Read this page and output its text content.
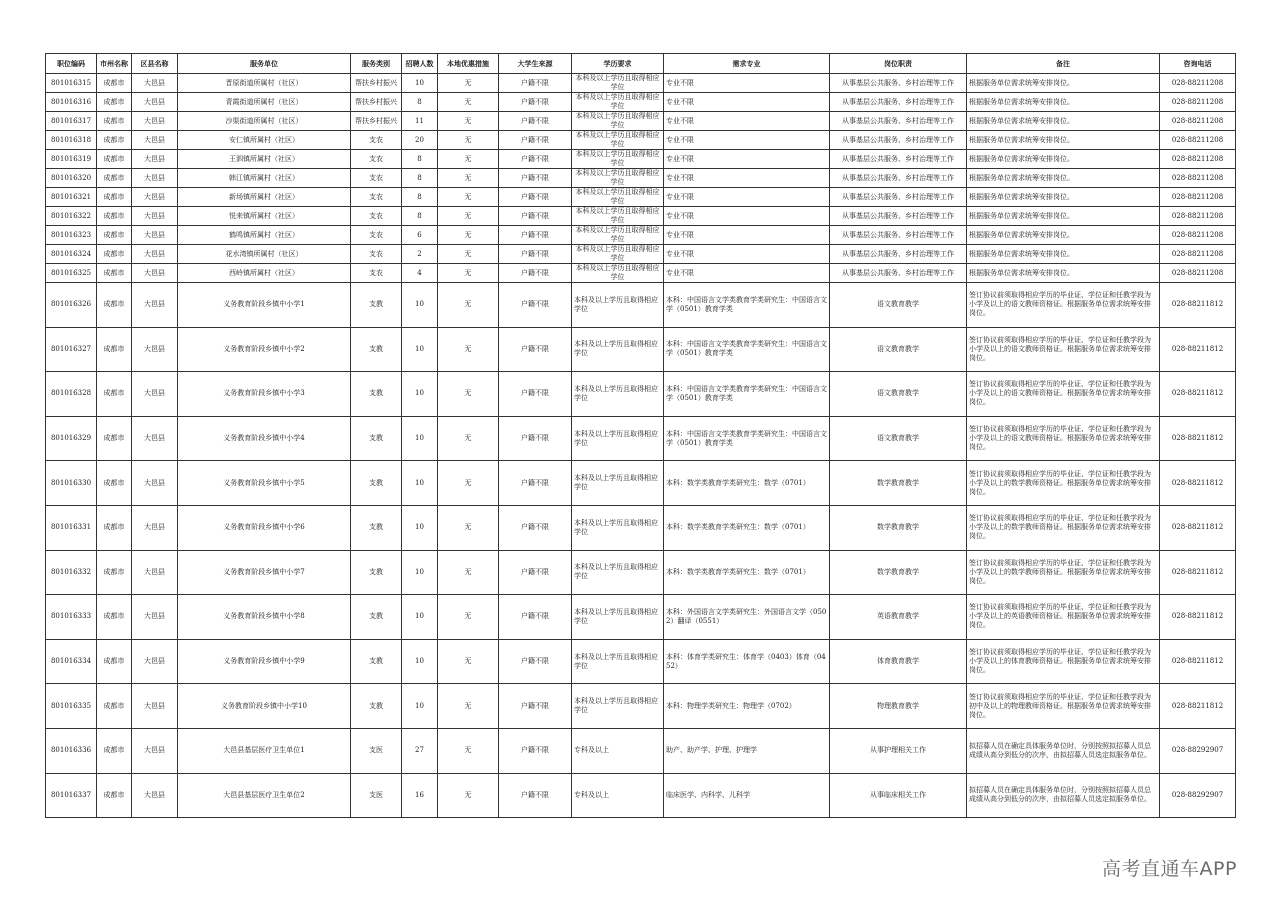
职位编码	市州名称	区县名称	服务单位	服务类别	招聘人数	本地优惠措施	大学生来源	学历要求	需求专业	岗位职责	备注	咨询电话
801016315	成都市	大邑县	晋原街道所属村（社区）	帮扶乡村振兴	10	无	户籍不限	本科及以上学历且取得相应学位	专业不限	从事基层公共服务、乡村治理等工作	根据服务单位需求统筹安排岗位。	028-88211208
801016316	成都市	大邑县	青霞街道所属村（社区）	帮扶乡村振兴	8	无	户籍不限	本科及以上学历且取得相应学位	专业不限	从事基层公共服务、乡村治理等工作	根据服务单位需求统筹安排岗位。	028-88211208
801016317	成都市	大邑县	沙渠街道所属村（社区）	帮扶乡村振兴	11	无	户籍不限	本科及以上学历且取得相应学位	专业不限	从事基层公共服务、乡村治理等工作	根据服务单位需求统筹安排岗位。	028-88211208
801016318	成都市	大邑县	安仁镇所属村（社区）	支农	20	无	户籍不限	本科及以上学历且取得相应学位	专业不限	从事基层公共服务、乡村治理等工作	根据服务单位需求统筹安排岗位。	028-88211208
801016319	成都市	大邑县	王泗镇所属村（社区）	支农	8	无	户籍不限	本科及以上学历且取得相应学位	专业不限	从事基层公共服务、乡村治理等工作	根据服务单位需求统筹安排岗位。	028-88211208
801016320	成都市	大邑县	韩江镇所属村（社区）	支农	8	无	户籍不限	本科及以上学历且取得相应学位	专业不限	从事基层公共服务、乡村治理等工作	根据服务单位需求统筹安排岗位。	028-88211208
801016321	成都市	大邑县	新场镇所属村（社区）	支农	8	无	户籍不限	本科及以上学历且取得相应学位	专业不限	从事基层公共服务、乡村治理等工作	根据服务单位需求统筹安排岗位。	028-88211208
801016322	成都市	大邑县	悦来镇所属村（社区）	支农	8	无	户籍不限	本科及以上学历且取得相应学位	专业不限	从事基层公共服务、乡村治理等工作	根据服务单位需求统筹安排岗位。	028-88211208
801016323	成都市	大邑县	鹤鸣镇所属村（社区）	支农	6	无	户籍不限	本科及以上学历且取得相应学位	专业不限	从事基层公共服务、乡村治理等工作	根据服务单位需求统筹安排岗位。	028-88211208
801016324	成都市	大邑县	花水湾镇所属村（社区）	支农	2	无	户籍不限	本科及以上学历且取得相应学位	专业不限	从事基层公共服务、乡村治理等工作	根据服务单位需求统筹安排岗位。	028-88211208
801016325	成都市	大邑县	西岭镇所属村（社区）	支农	4	无	户籍不限	本科及以上学历且取得相应学位	专业不限	从事基层公共服务、乡村治理等工作	根据服务单位需求统筹安排岗位。	028-88211208
801016326	成都市	大邑县	义务教育阶段乡镇中小学1	支教	10	无	户籍不限	本科及以上学历且取得相应学位	本科：中国语言文学类教育学类研究生：中国语言文学（0501）教育学类	语文教育教学	签订协议前须取得相应学历的毕业证、学位证和任教学段为小学及以上的语文教师资格证。根据服务单位需求统筹安排岗位。	028-88211812
801016327	成都市	大邑县	义务教育阶段乡镇中小学2	支教	10	无	户籍不限	本科及以上学历且取得相应学位	本科：中国语言文学类教育学类研究生：中国语言文学（0501）教育学类	语文教育教学	签订协议前须取得相应学历的毕业证、学位证和任教学段为小学及以上的语文教师资格证。根据服务单位需求统筹安排岗位。	028-88211812
801016328	成都市	大邑县	义务教育阶段乡镇中小学3	支教	10	无	户籍不限	本科及以上学历且取得相应学位	本科：中国语言文学类教育学类研究生：中国语言文学（0501）教育学类	语文教育教学	签订协议前须取得相应学历的毕业证、学位证和任教学段为小学及以上的语文教师资格证。根据服务单位需求统筹安排岗位。	028-88211812
801016329	成都市	大邑县	义务教育阶段乡镇中小学4	支教	10	无	户籍不限	本科及以上学历且取得相应学位	本科：中国语言文学类教育学类研究生：中国语言文学（0501）教育学类	语文教育教学	签订协议前须取得相应学历的毕业证、学位证和任教学段为小学及以上的语文教师资格证。根据服务单位需求统筹安排岗位。	028-88211812
801016330	成都市	大邑县	义务教育阶段乡镇中小学5	支教	10	无	户籍不限	本科及以上学历且取得相应学位	本科：数学类教育学类研究生：数学（0701）	数学教育教学	签订协议前须取得相应学历的毕业证、学位证和任教学段为小学及以上的数学教师资格证。根据服务单位需求统筹安排岗位。	028-88211812
801016331	成都市	大邑县	义务教育阶段乡镇中小学6	支教	10	无	户籍不限	本科及以上学历且取得相应学位	本科：数学类教育学类研究生：数学（0701）	数学教育教学	签订协议前须取得相应学历的毕业证、学位证和任教学段为小学及以上的数学教师资格证。根据服务单位需求统筹安排岗位。	028-88211812
801016332	成都市	大邑县	义务教育阶段乡镇中小学7	支教	10	无	户籍不限	本科及以上学历且取得相应学位	本科：数学类教育学类研究生：数学（0701）	数学教育教学	签订协议前须取得相应学历的毕业证、学位证和任教学段为小学及以上的数学教师资格证。根据服务单位需求统筹安排岗位。	028-88211812
801016333	成都市	大邑县	义务教育阶段乡镇中小学8	支教	10	无	户籍不限	本科及以上学历且取得相应学位	本科：外国语言文学类研究生：外国语言文学（0502）翻译（0551）	英语教育教学	签订协议前须取得相应学历的毕业证、学位证和任教学段为小学及以上的英语教师资格证。根据服务单位需求统筹安排岗位。	028-88211812
801016334	成都市	大邑县	义务教育阶段乡镇中小学9	支教	10	无	户籍不限	本科及以上学历且取得相应学位	本科：体育学类研究生：体育学（0403）体育（0452）	体育教育教学	签订协议前须取得相应学历的毕业证、学位证和任教学段为小学及以上的体育教师资格证。根据服务单位需求统筹安排岗位。	028-88211812
801016335	成都市	大邑县	义务教育阶段乡镇中小学10	支教	10	无	户籍不限	本科及以上学历且取得相应学位	本科：物理学类研究生：物理学（0702）	物理教育教学	签订协议前须取得相应学历的毕业证、学位证和任教学段为初中及以上的物理教师资格证。根据服务单位需求统筹安排岗位。	028-88211812
801016336	成都市	大邑县	大邑县基层医疗卫生单位1	支医	27	无	户籍不限	专科及以上	助产、助产学、护理、护理学	从事护理相关工作	拟招募人员在确定具体服务单位时，分别按照拟招募人员总成绩从高分到低分的次序，由拟招募人员选定拟服务单位。	028-88292907
801016337	成都市	大邑县	大邑县基层医疗卫生单位2	支医	16	无	户籍不限	专科及以上	临床医学、内科学、儿科学	从事临床相关工作	拟招募人员在确定具体服务单位时，分别按照拟招募人员总成绩从高分到低分的次序，由拟招募人员选定拟服务单位。	028-88292907
高考直通车APP
